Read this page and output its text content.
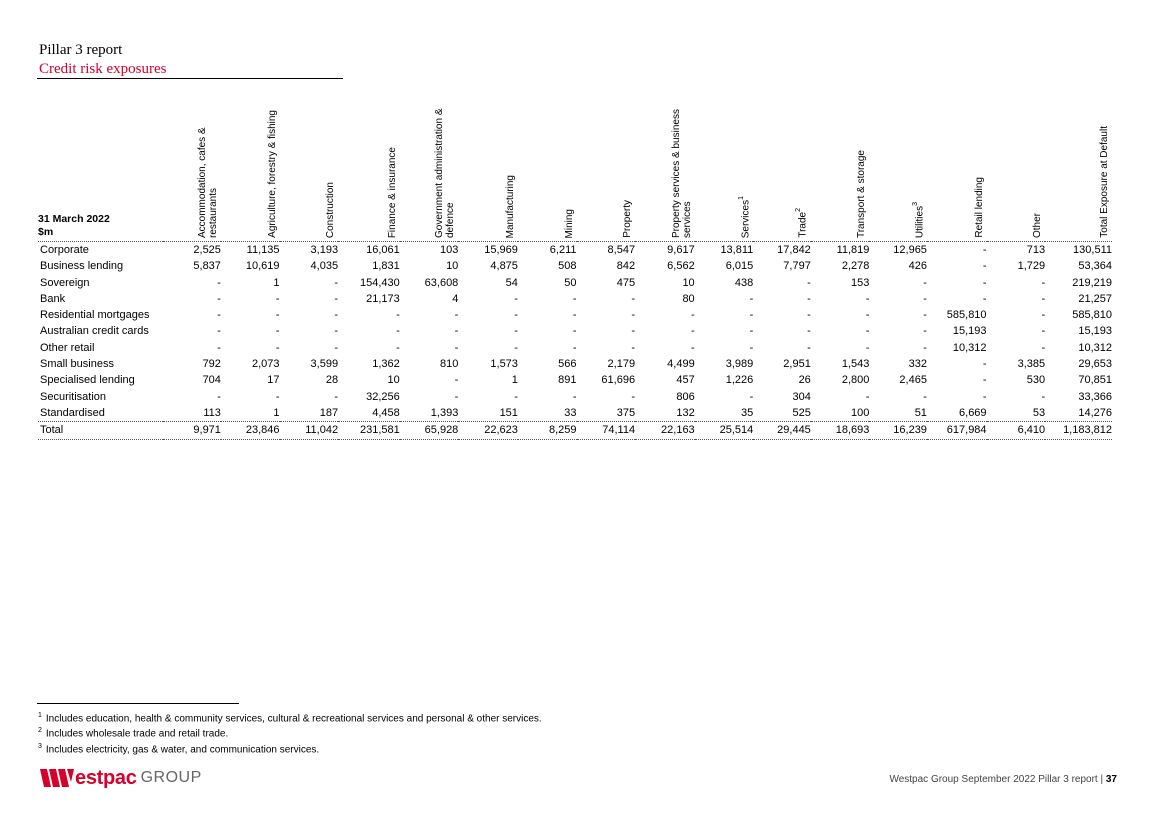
Pillar 3 report
Credit risk exposures
31 March 2022
$m	Accommodation, cafes & restaurants	Agriculture, forestry & fishing	Construction	Finance & insurance	Government administration & defence	Manufacturing	Mining	Property	Property services & business services	Services$^1$	Trade$^2$	Transport & storage	Utilities$^3$	Retail lending	Other	Total Exposure at Default

Corporate	2,525	11,135	3,193	16,061	103	15,969	6,211	8,547	9,617	13,811	17,842	11,819	12,965	-	713	130,511
Business lending	5,837	10,619	4,035	1,831	10	4,875	508	842	6,562	6,015	7,797	2,278	426	-	1,729	53,364
Sovereign	-	1	-	154,430	63,608	54	50	475	10	438	-	153	-	-	-	219,219
Bank	-	-	-	21,173	4	-	-	-	80	-	-	-	-	-	-	21,257
Residential mortgages	-	-	-	-	-	-	-	-	-	-	-	-	-	585,810	-	585,810
Australian credit cards	-	-	-	-	-	-	-	-	-	-	-	-	-	15,193	-	15,193
Other retail	-	-	-	-	-	-	-	-	-	-	-	-	-	10,312	-	10,312
Small business	792	2,073	3,599	1,362	810	1,573	566	2,179	4,499	3,989	2,951	1,543	332	-	3,385	29,653
Specialised lending	704	17	28	10	-	1	891	61,696	457	1,226	26	2,800	2,465	-	530	70,851
Securitisation	-	-	-	32,256	-	-	-	-	806	-	304	-	-	-	-	33,366
Standardised	113	1	187	4,458	1,393	151	33	375	132	35	525	100	51	6,669	53	14,276
Total	9,971	23,846	11,042	231,581	65,928	22,623	8,259	74,114	22,163	25,514	29,445	18,693	16,239	617,984	6,410	1,183,812
$^1$ Includes education, health & community services, cultural & recreational services and personal & other services.
$^2$ Includes wholesale trade and retail trade.
$^3$ Includes electricity, gas & water, and communication services.
estpac GROUP	Westpac Group September 2022 Pillar 3 report | 37
